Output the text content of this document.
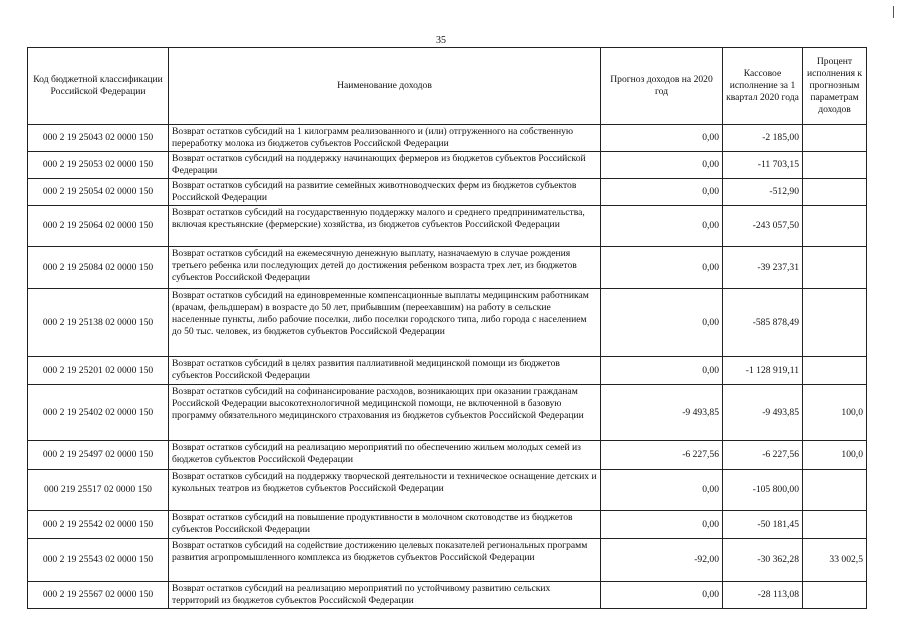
35
Код бюджетной классификации Российской Федерации	Наименование доходов	Прогноз доходов на 2020 год	Кассовое исполнение за 1 квартал 2020 года	Процент исполнения к прогнозным параметрам доходов
000 2 19 25043 02 0000 150	Возврат остатков субсидий на 1 килограмм реализованного и (или) отгруженного на собственную переработку молока из бюджетов субъектов Российской Федерации	0,00	-2 185,00	
000 2 19 25053 02 0000 150	Возврат остатков субсидий на поддержку начинающих фермеров из бюджетов субъектов Российской Федерации	0,00	-11 703,15	
000 2 19 25054 02 0000 150	Возврат остатков субсидий на развитие семейных животноводческих ферм из бюджетов субъектов Российской Федерации	0,00	-512,90	
000 2 19 25064 02 0000 150	Возврат остатков субсидий на государственную поддержку малого и среднего предпринимательства, включая крестьянские (фермерские) хозяйства, из бюджетов субъектов Российской Федерации	0,00	-243 057,50	
000 2 19 25084 02 0000 150	Возврат остатков субсидий на ежемесячную денежную выплату, назначаемую в случае рождения третьего ребенка или последующих детей до достижения ребенком возраста трех лет, из бюджетов субъектов Российской Федерации	0,00	-39 237,31	
000 2 19 25138 02 0000 150	Возврат остатков субсидий на единовременные компенсационные выплаты медицинским работникам (врачам, фельдшерам) в возрасте до 50 лет, прибывшим (переехавшим) на работу в сельские населенные пункты, либо рабочие поселки, либо поселки городского типа, либо города с населением до 50 тыс. человек, из бюджетов субъектов Российской Федерации	0,00	-585 878,49	
000 2 19 25201 02 0000 150	Возврат остатков субсидий в целях развития паллиативной медицинской помощи из бюджетов субъектов Российской Федерации	0,00	-1 128 919,11	
000 2 19 25402 02 0000 150	Возврат остатков субсидий на софинансирование расходов, возникающих при оказании гражданам Российской Федерации высокотехнологичной медицинской помощи, не включенной в базовую программу обязательного медицинского страхования из бюджетов субъектов Российской Федерации	-9 493,85	-9 493,85	100,0
000 2 19 25497 02 0000 150	Возврат остатков субсидий на реализацию мероприятий по обеспечению жильем молодых семей из бюджетов субъектов Российской Федерации	-6 227,56	-6 227,56	100,0
000 219 25517 02 0000 150	Возврат остатков субсидий на поддержку творческой деятельности и техническое оснащение детских и кукольных театров из бюджетов субъектов Российской Федерации	0,00	-105 800,00	
000 2 19 25542 02 0000 150	Возврат остатков субсидий на повышение продуктивности в молочном скотоводстве из бюджетов субъектов Российской Федерации	0,00	-50 181,45	
000 2 19 25543 02 0000 150	Возврат остатков субсидий на содействие достижению целевых показателей региональных программ развития агропромышленного комплекса из бюджетов субъектов Российской Федерации	-92,00	-30 362,28	33 002,5
000 2 19 25567 02 0000 150	Возврат остатков субсидий на реализацию мероприятий по устойчивому развитию сельских территорий из бюджетов субъектов Российской Федерации	0,00	-28 113,08	
